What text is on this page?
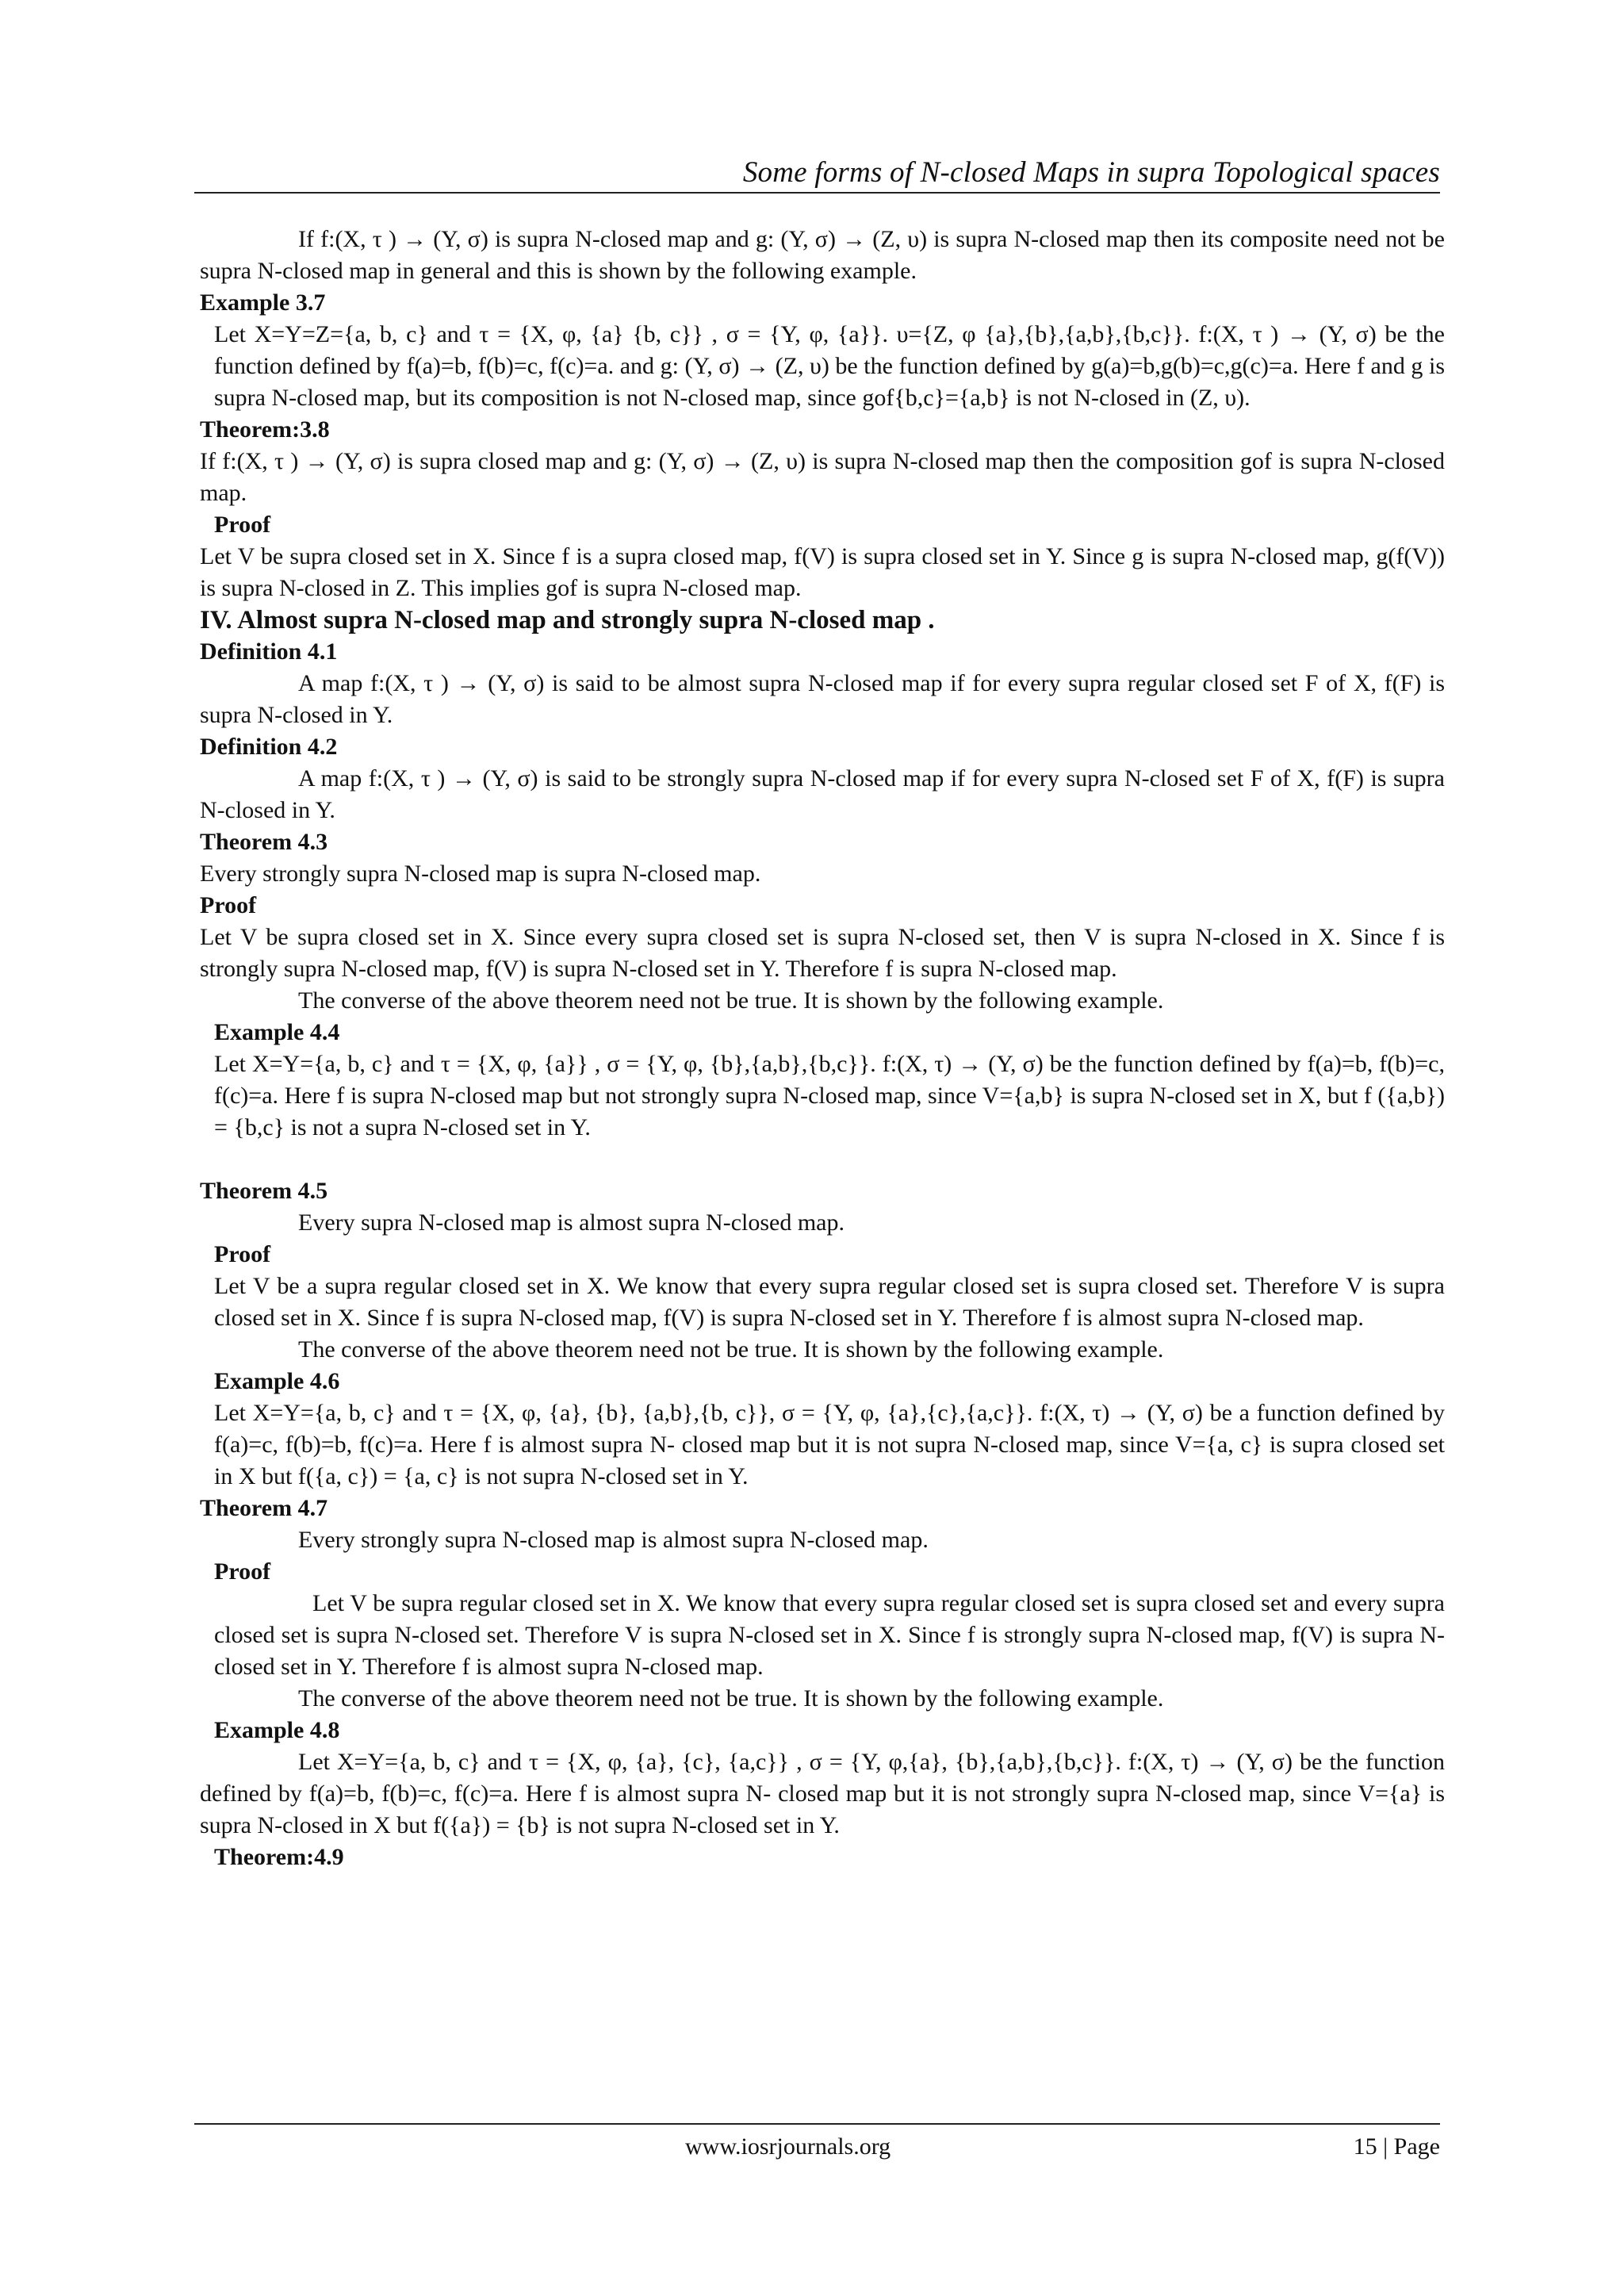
Some forms of N-closed Maps in supra Topological spaces

If f:(X, τ ) → (Y, σ) is supra N-closed map and g: (Y, σ) → (Z, υ) is supra N-closed map then its composite need not be supra N-closed map in general and this is shown by the following example.

Example 3.7

Let X=Y=Z={a, b, c} and τ = {X, φ, {a} {b, c}} , σ = {Y, φ, {a}}. υ={Z, φ {a},{b},{a,b},{b,c}}. f:(X, τ ) → (Y, σ) be the function defined by f(a)=b, f(b)=c, f(c)=a. and g: (Y, σ) → (Z, υ) be the function defined by g(a)=b,g(b)=c,g(c)=a. Here f and g is supra N-closed map, but its composition is not N-closed map, since gof{b,c}={a,b} is not N-closed in (Z, υ).

Theorem:3.8

If f:(X, τ ) → (Y, σ) is supra closed map and g: (Y, σ) → (Z, υ) is supra N-closed map then the composition gof is supra N-closed map.

Proof

Let V be supra closed set in X. Since f is a supra closed map, f(V) is supra closed set in Y. Since g is supra N-closed map, g(f(V)) is supra N-closed in Z. This implies gof is supra N-closed map.

IV. Almost supra N-closed map and strongly supra N-closed map .

Definition 4.1

A map f:(X, τ ) → (Y, σ) is said to be almost supra N-closed map if for every supra regular closed set F of X, f(F) is supra N-closed in Y.

Definition 4.2

A map f:(X, τ ) → (Y, σ) is said to be strongly supra N-closed map if for every supra N-closed set F of X, f(F) is supra N-closed in Y.

Theorem 4.3

Every strongly supra N-closed map is supra N-closed map.

Proof

Let V be supra closed set in X. Since every supra closed set is supra N-closed set, then V is supra N-closed in X. Since f is strongly supra N-closed map, f(V) is supra N-closed set in Y. Therefore f is supra N-closed map.

The converse of the above theorem need not be true. It is shown by the following example.

Example 4.4

Let X=Y={a, b, c} and τ = {X, φ, {a}} , σ = {Y, φ, {b},{a,b},{b,c}}. f:(X, τ) → (Y, σ) be the function defined by f(a)=b, f(b)=c, f(c)=a. Here f is supra N-closed map but not strongly supra N-closed map, since V={a,b} is supra N-closed set in X, but f ({a,b}) = {b,c} is not a supra N-closed set in Y.

Theorem 4.5

Every supra N-closed map is almost supra N-closed map.

Proof

Let V be a supra regular closed set in X. We know that every supra regular closed set is supra closed set. Therefore V is supra closed set in X. Since f is supra N-closed map, f(V) is supra N-closed set in Y. Therefore f is almost supra N-closed map.

The converse of the above theorem need not be true. It is shown by the following example.

Example 4.6

Let X=Y={a, b, c} and τ = {X, φ, {a}, {b}, {a,b},{b, c}}, σ = {Y, φ, {a},{c},{a,c}}. f:(X, τ) → (Y, σ) be a function defined by f(a)=c, f(b)=b, f(c)=a. Here f is almost supra N- closed map but it is not supra N-closed map, since V={a, c} is supra closed set in X but f({a, c}) = {a, c} is not supra N-closed set in Y.

Theorem 4.7

Every strongly supra N-closed map is almost supra N-closed map.

Proof

Let V be supra regular closed set in X. We know that every supra regular closed set is supra closed set and every supra closed set is supra N-closed set. Therefore V is supra N-closed set in X. Since f is strongly supra N-closed map, f(V) is supra N-closed set in Y. Therefore f is almost supra N-closed map.

The converse of the above theorem need not be true. It is shown by the following example.

Example 4.8

Let X=Y={a, b, c} and τ = {X, φ, {a}, {c}, {a,c}} , σ = {Y, φ,{a}, {b},{a,b},{b,c}}. f:(X, τ) → (Y, σ) be the function defined by f(a)=b, f(b)=c, f(c)=a. Here f is almost supra N- closed map but it is not strongly supra N-closed map, since V={a} is supra N-closed in X but f({a}) = {b} is not supra N-closed set in Y.

Theorem:4.9

www.iosrjournals.org	15 | Page
